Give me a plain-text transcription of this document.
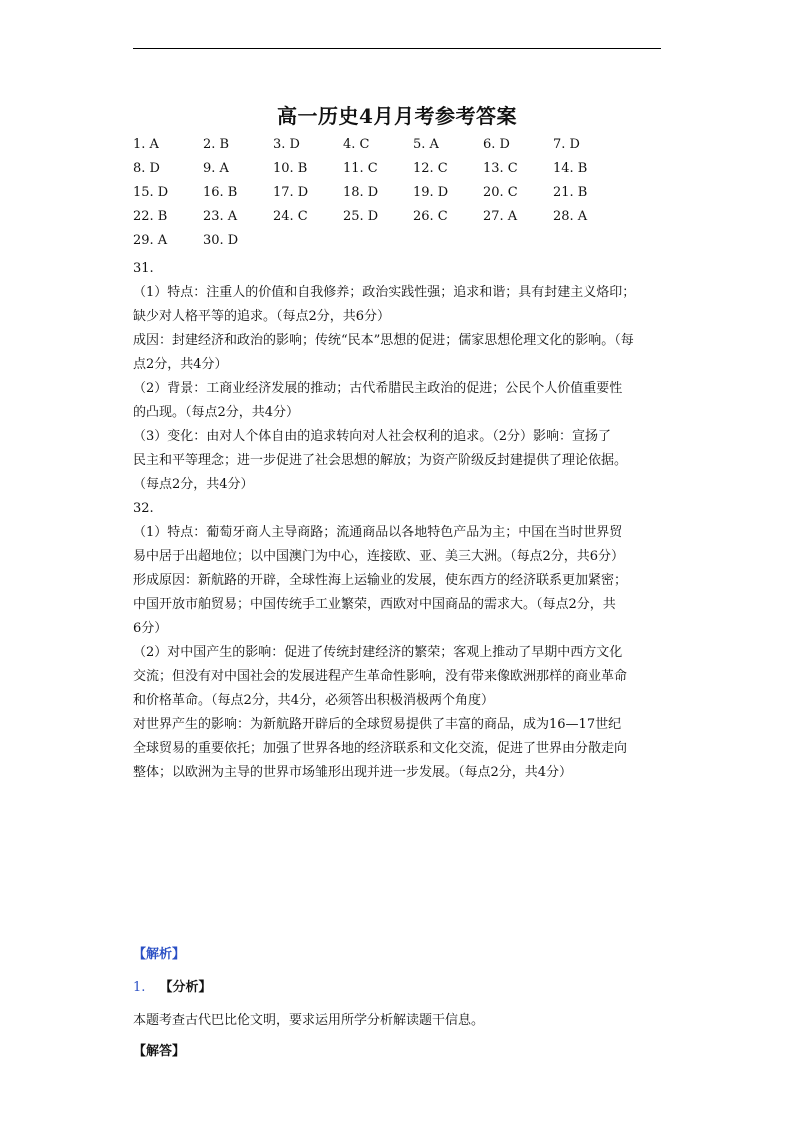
高一历史4月月考参考答案
1. A	2. B	3. D	4. C	5. A	6. D	7. D
8. D	9. A	10. B	11. C	12. C	13. C	14. B
15. D	16. B	17. D	18. D	19. D	20. C	21. B
22. B	23. A	24. C	25. D	26. C	27. A	28. A
29. A	30. D
31.
（1）特点：注重人的价值和自我修养；政治实践性强；追求和谐；具有封建主义烙印；
缺少对人格平等的追求。（每点2分，共6分）
成因：封建经济和政治的影响；传统“民本”思想的促进；儒家思想伦理文化的影响。（每
点2分，共4分）
（2）背景：工商业经济发展的推动；古代希腊民主政治的促进；公民个人价值重要性
的凸现。（每点2分，共4分）
（3）变化：由对人个体自由的追求转向对人社会权利的追求。（2分）影响：宣扬了
民主和平等理念；进一步促进了社会思想的解放；为资产阶级反封建提供了理论依据。
（每点2分，共4分）
32.
（1）特点：葡萄牙商人主导商路；流通商品以各地特色产品为主；中国在当时世界贸
易中居于出超地位；以中国澳门为中心，连接欧、亚、美三大洲。（每点2分，共6分）
形成原因：新航路的开辟，全球性海上运输业的发展，使东西方的经济联系更加紧密；
中国开放市舶贸易；中国传统手工业繁荣，西欧对中国商品的需求大。（每点2分，共
6分）
（2）对中国产生的影响：促进了传统封建经济的繁荣；客观上推动了早期中西方文化
交流；但没有对中国社会的发展进程产生革命性影响，没有带来像欧洲那样的商业革命
和价格革命。（每点2分，共4分，必须答出积极消极两个角度）
对世界产生的影响：为新航路开辟后的全球贸易提供了丰富的商品，成为16—17世纪
全球贸易的重要依托；加强了世界各地的经济联系和文化交流，促进了世界由分散走向
整体；以欧洲为主导的世界市场雏形出现并进一步发展。（每点2分，共4分）
【解析】
1. 【分析】
本题考查古代巴比伦文明，要求运用所学分析解读题干信息。
【解答】
